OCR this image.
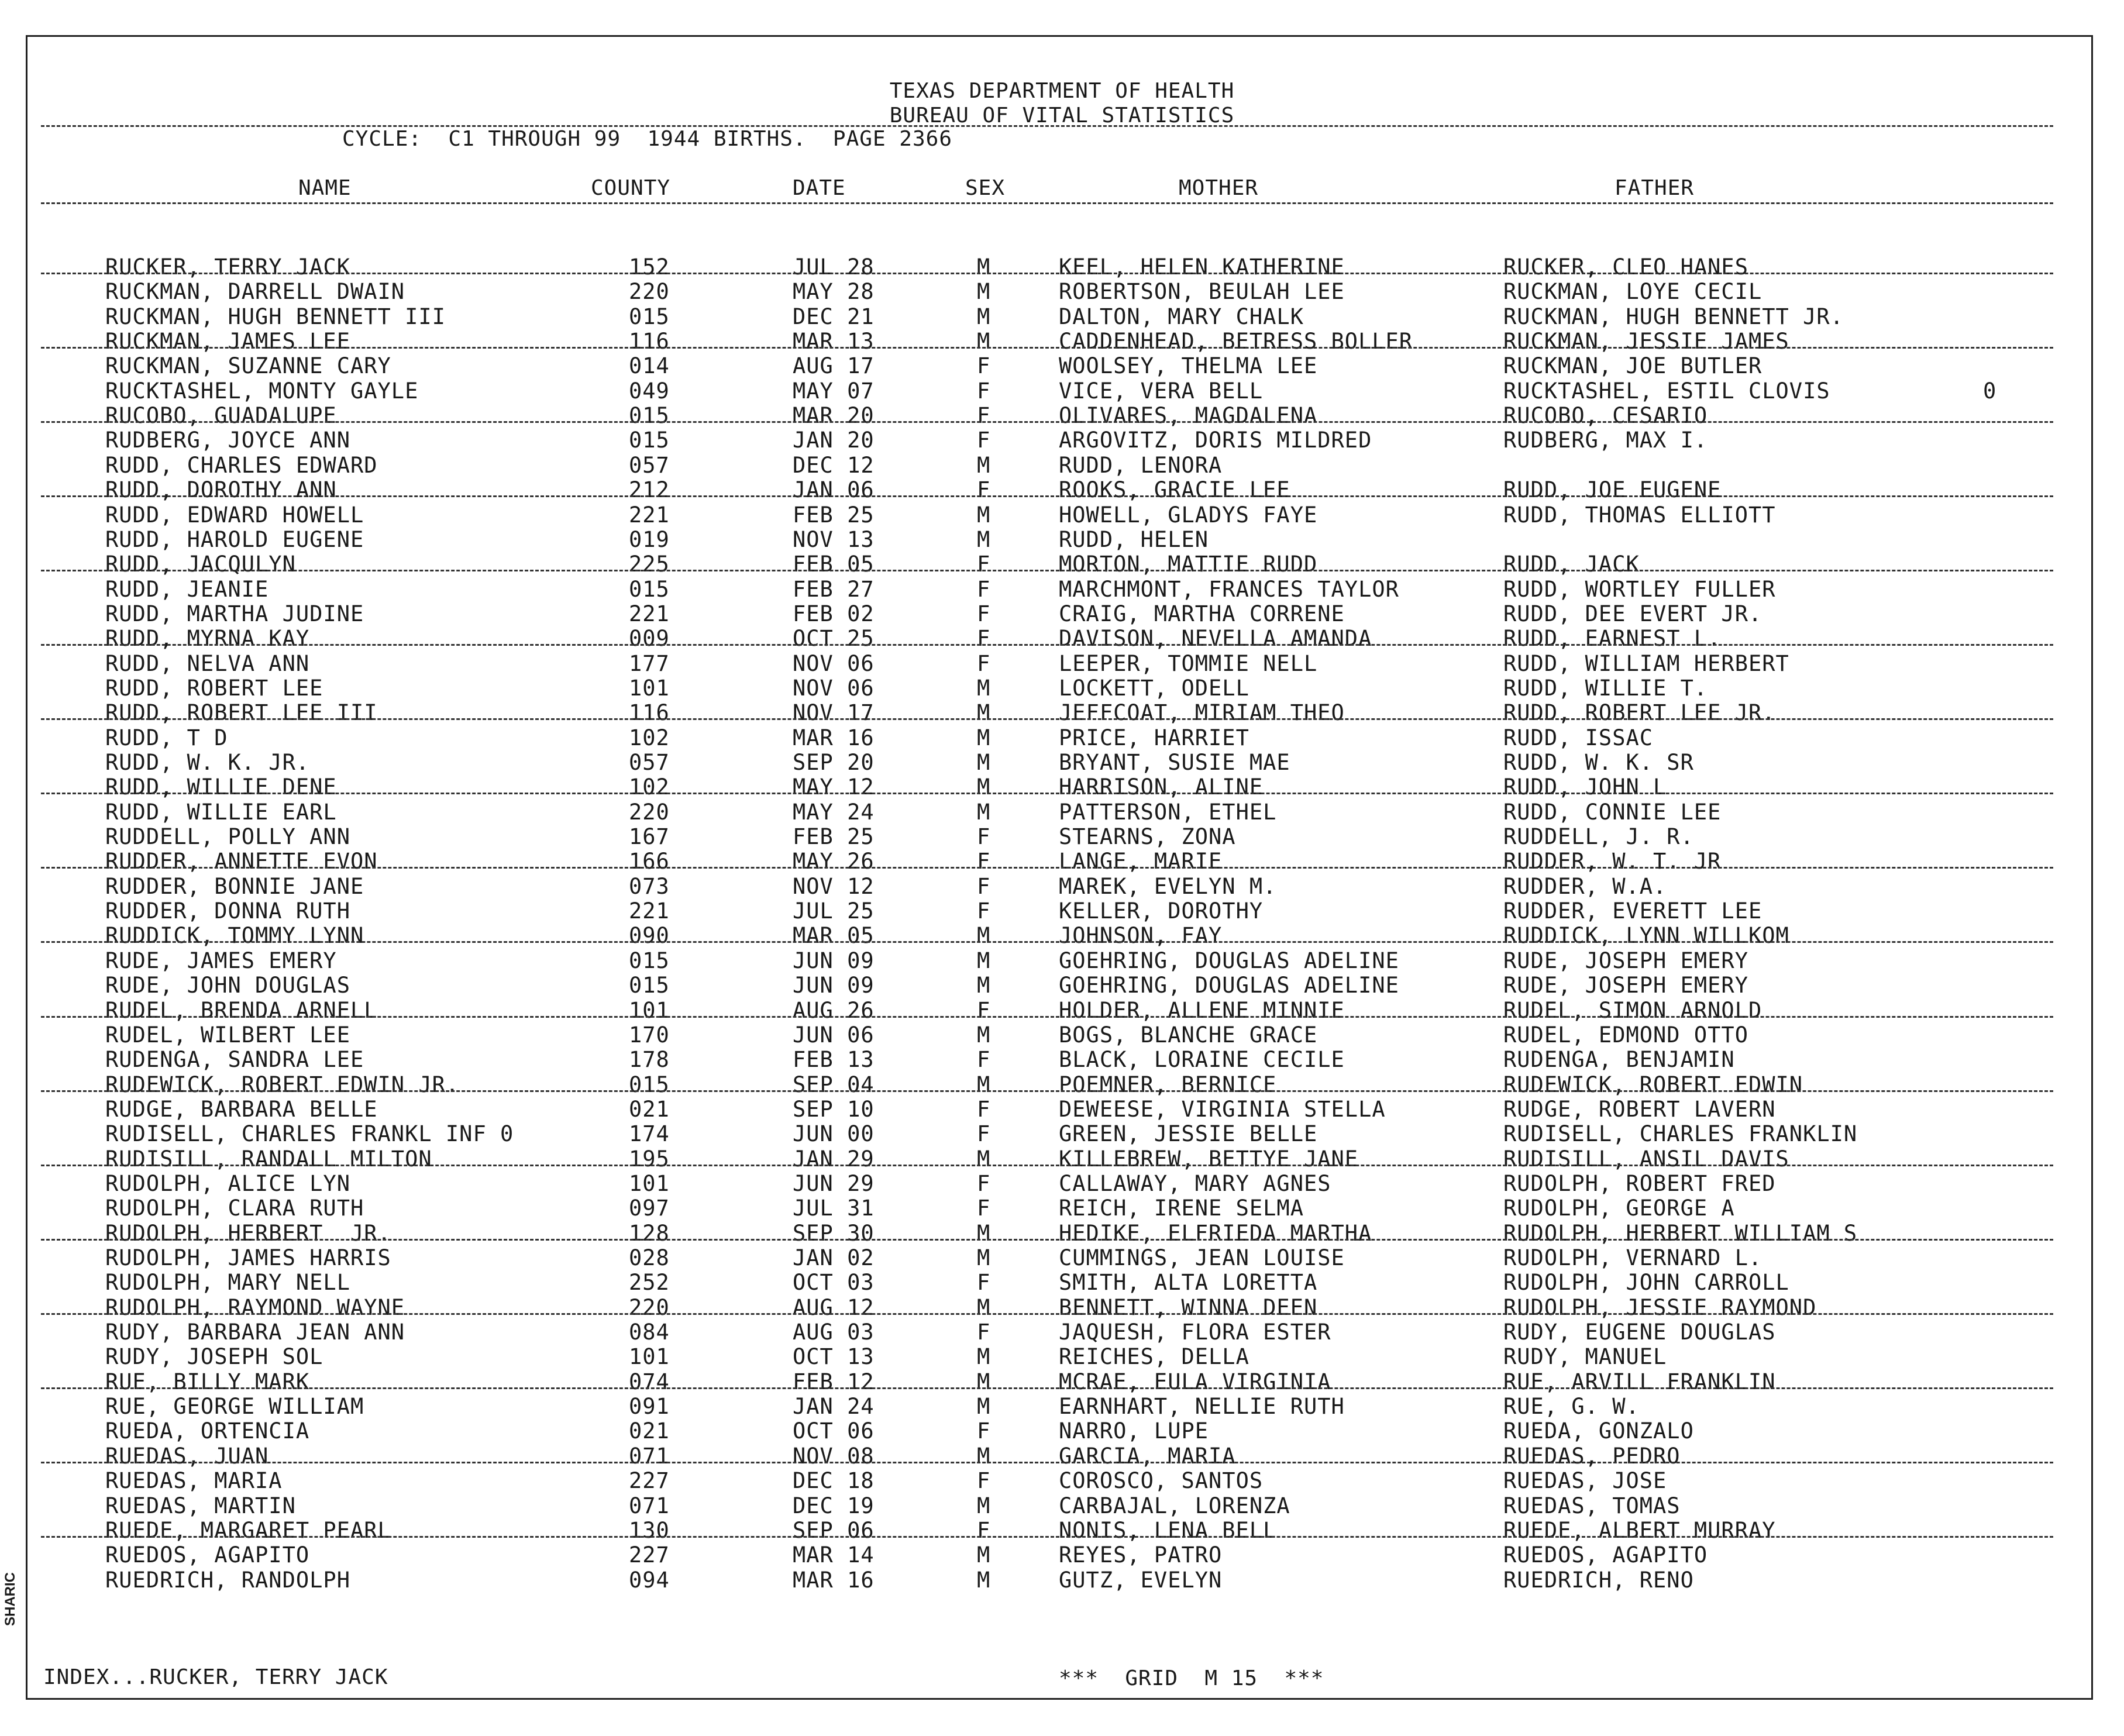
TEXAS DEPARTMENT OF HEALTH
BUREAU OF VITAL STATISTICS
CYCLE:  C1 THROUGH 99  1944 BIRTHS.  PAGE 2366
NAME	COUNTY	DATE	SEX	MOTHER	FATHER
RUCKER, TERRY JACK	152	JUL 28	M	KEEL, HELEN KATHERINE	RUCKER, CLEO HANES
RUCKMAN, DARRELL DWAIN	220	MAY 28	M	ROBERTSON, BEULAH LEE	RUCKMAN, LOYE CECIL
RUCKMAN, HUGH BENNETT III	015	DEC 21	M	DALTON, MARY CHALK	RUCKMAN, HUGH BENNETT JR.
RUCKMAN, JAMES LEE	116	MAR 13	M	CADDENHEAD, BETRESS BOLLER	RUCKMAN, JESSIE JAMES
RUCKMAN, SUZANNE CARY	014	AUG 17	F	WOOLSEY, THELMA LEE	RUCKMAN, JOE BUTLER
RUCKTASHEL, MONTY GAYLE	049	MAY 07	F	VICE, VERA BELL	RUCKTASHEL, ESTIL CLOVIS	0
RUCOBO, GUADALUPE	015	MAR 20	F	OLIVARES, MAGDALENA	RUCOBO, CESARIO
RUDBERG, JOYCE ANN	015	JAN 20	F	ARGOVITZ, DORIS MILDRED	RUDBERG, MAX I.
RUDD, CHARLES EDWARD	057	DEC 12	M	RUDD, LENORA
RUDD, DOROTHY ANN	212	JAN 06	F	ROOKS, GRACIE LEE	RUDD, JOE EUGENE
RUDD, EDWARD HOWELL	221	FEB 25	M	HOWELL, GLADYS FAYE	RUDD, THOMAS ELLIOTT
RUDD, HAROLD EUGENE	019	NOV 13	M	RUDD, HELEN
RUDD, JACQULYN	225	FEB 05	F	MORTON, MATTIE RUDD	RUDD, JACK
RUDD, JEANIE	015	FEB 27	F	MARCHMONT, FRANCES TAYLOR	RUDD, WORTLEY FULLER
RUDD, MARTHA JUDINE	221	FEB 02	F	CRAIG, MARTHA CORRENE	RUDD, DEE EVERT JR.
RUDD, MYRNA KAY	009	OCT 25	F	DAVISON, NEVELLA AMANDA	RUDD, EARNEST L.
RUDD, NELVA ANN	177	NOV 06	F	LEEPER, TOMMIE NELL	RUDD, WILLIAM HERBERT
RUDD, ROBERT LEE	101	NOV 06	M	LOCKETT, ODELL	RUDD, WILLIE T.
RUDD, ROBERT LEE III	116	NOV 17	M	JEFFCOAT, MIRIAM THEO	RUDD, ROBERT LEE JR.
RUDD, T D	102	MAR 16	M	PRICE, HARRIET	RUDD, ISSAC
RUDD, W. K. JR.	057	SEP 20	M	BRYANT, SUSIE MAE	RUDD, W. K. SR
RUDD, WILLIE DENE	102	MAY 12	M	HARRISON, ALINE	RUDD, JOHN L
RUDD, WILLIE EARL	220	MAY 24	M	PATTERSON, ETHEL	RUDD, CONNIE LEE
RUDDELL, POLLY ANN	167	FEB 25	F	STEARNS, ZONA	RUDDELL, J. R.
RUDDER, ANNETTE EVON	166	MAY 26	F	LANGE, MARIE	RUDDER, W. T. JR
RUDDER, BONNIE JANE	073	NOV 12	F	MAREK, EVELYN M.	RUDDER, W.A.
RUDDER, DONNA RUTH	221	JUL 25	F	KELLER, DOROTHY	RUDDER, EVERETT LEE
RUDDICK, TOMMY LYNN	090	MAR 05	M	JOHNSON, FAY	RUDDICK, LYNN WILLKOM
RUDE, JAMES EMERY	015	JUN 09	M	GOEHRING, DOUGLAS ADELINE	RUDE, JOSEPH EMERY
RUDE, JOHN DOUGLAS	015	JUN 09	M	GOEHRING, DOUGLAS ADELINE	RUDE, JOSEPH EMERY
RUDEL, BRENDA ARNELL	101	AUG 26	F	HOLDER, ALLENE MINNIE	RUDEL, SIMON ARNOLD
RUDEL, WILBERT LEE	170	JUN 06	M	BOGS, BLANCHE GRACE	RUDEL, EDMOND OTTO
RUDENGA, SANDRA LEE	178	FEB 13	F	BLACK, LORAINE CECILE	RUDENGA, BENJAMIN
RUDEWICK, ROBERT EDWIN JR.	015	SEP 04	M	POEMNER, BERNICE	RUDEWICK, ROBERT EDWIN
RUDGE, BARBARA BELLE	021	SEP 10	F	DEWEESE, VIRGINIA STELLA	RUDGE, ROBERT LAVERN
RUDISELL, CHARLES FRANKL INF 0	174	JUN 00	F	GREEN, JESSIE BELLE	RUDISELL, CHARLES FRANKLIN
RUDISILL, RANDALL MILTON	195	JAN 29	M	KILLEBREW, BETTYE JANE	RUDISILL, ANSIL DAVIS
RUDOLPH, ALICE LYN	101	JUN 29	F	CALLAWAY, MARY AGNES	RUDOLPH, ROBERT FRED
RUDOLPH, CLARA RUTH	097	JUL 31	F	REICH, IRENE SELMA	RUDOLPH, GEORGE A
RUDOLPH, HERBERT  JR.	128	SEP 30	M	HEDIKE, ELFRIEDA MARTHA	RUDOLPH, HERBERT WILLIAM S
RUDOLPH, JAMES HARRIS	028	JAN 02	M	CUMMINGS, JEAN LOUISE	RUDOLPH, VERNARD L.
RUDOLPH, MARY NELL	252	OCT 03	F	SMITH, ALTA LORETTA	RUDOLPH, JOHN CARROLL
RUDOLPH, RAYMOND WAYNE	220	AUG 12	M	BENNETT, WINNA DEEN	RUDOLPH, JESSIE RAYMOND
RUDY, BARBARA JEAN ANN	084	AUG 03	F	JAQUESH, FLORA ESTER	RUDY, EUGENE DOUGLAS
RUDY, JOSEPH SOL	101	OCT 13	M	REICHES, DELLA	RUDY, MANUEL
RUE, BILLY MARK	074	FEB 12	M	MCRAE, EULA VIRGINIA	RUE, ARVILL FRANKLIN
RUE, GEORGE WILLIAM	091	JAN 24	M	EARNHART, NELLIE RUTH	RUE, G. W.
RUEDA, ORTENCIA	021	OCT 06	F	NARRO, LUPE	RUEDA, GONZALO
RUEDAS, JUAN	071	NOV 08	M	GARCIA, MARIA	RUEDAS, PEDRO
RUEDAS, MARIA	227	DEC 18	F	COROSCO, SANTOS	RUEDAS, JOSE
RUEDAS, MARTIN	071	DEC 19	M	CARBAJAL, LORENZA	RUEDAS, TOMAS
RUEDE, MARGARET PEARL	130	SEP 06	F	NONIS, LENA BELL	RUEDE, ALBERT MURRAY
RUEDOS, AGAPITO	227	MAR 14	M	REYES, PATRO	RUEDOS, AGAPITO
RUEDRICH, RANDOLPH	094	MAR 16	M	GUTZ, EVELYN	RUEDRICH, RENO
INDEX...RUCKER, TERRY JACK	***  GRID  M 15  ***
SHARIC
